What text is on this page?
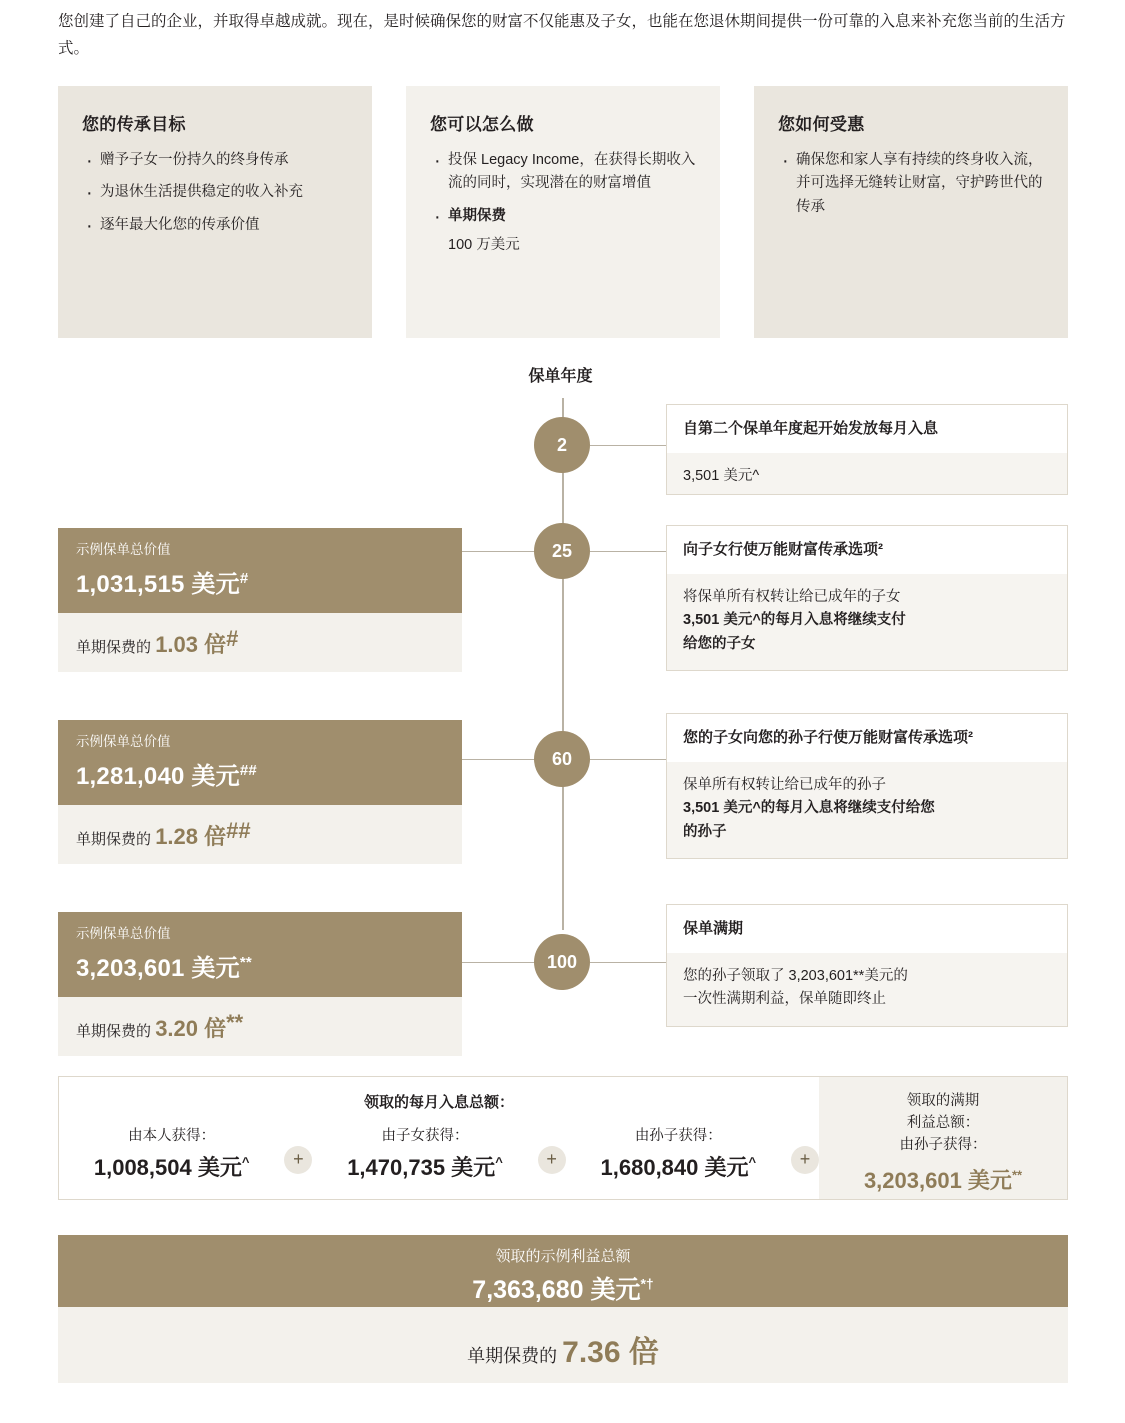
您创建了自己的企业，并取得卓越成就。现在，是时候确保您的财富不仅能惠及子女，也能在您退休期间提供一份可靠的入息来补充您当前的生活方式。
您的传承目标
· 赠予子女一份持久的终身传承
· 为退休生活提供稳定的收入补充
· 逐年最大化您的传承价值
您可以怎么做
· 投保 Legacy Income，在获得长期收入流的同时，实现潜在的财富增值
· 单期保费
100 万美元
您如何受惠
· 确保您和家人享有持续的终身收入流，并可选择无缝转让财富，守护跨世代的传承
保单年度
2
25
60
100
自第二个保单年度起开始发放每月入息
3,501 美元^
向子女行使万能财富传承选项²
将保单所有权转让给已成年的子女
3,501 美元^的每月入息将继续支付
给您的子女
您的子女向您的孙子行使万能财富传承选项²
保单所有权转让给已成年的孙子
3,501 美元^的每月入息将继续支付给您
的孙子
保单满期
您的孙子领取了 3,203,601**美元的
一次性满期利益，保单随即终止
示例保单总价值
1,031,515 美元#
单期保费的 1.03 倍#
示例保单总价值
1,281,040 美元##
单期保费的 1.28 倍##
示例保单总价值
3,203,601 美元**
单期保费的 3.20 倍**
领取的每月入息总额：
由本人获得：
1,008,504 美元^	+
由子女获得：
1,470,735 美元^	+
由孙子获得：
1,680,840 美元^	+
领取的满期
利益总额：
由孙子获得：
3,203,601 美元**
领取的示例利益总额
7,363,680 美元*†
单期保费的 7.36 倍
